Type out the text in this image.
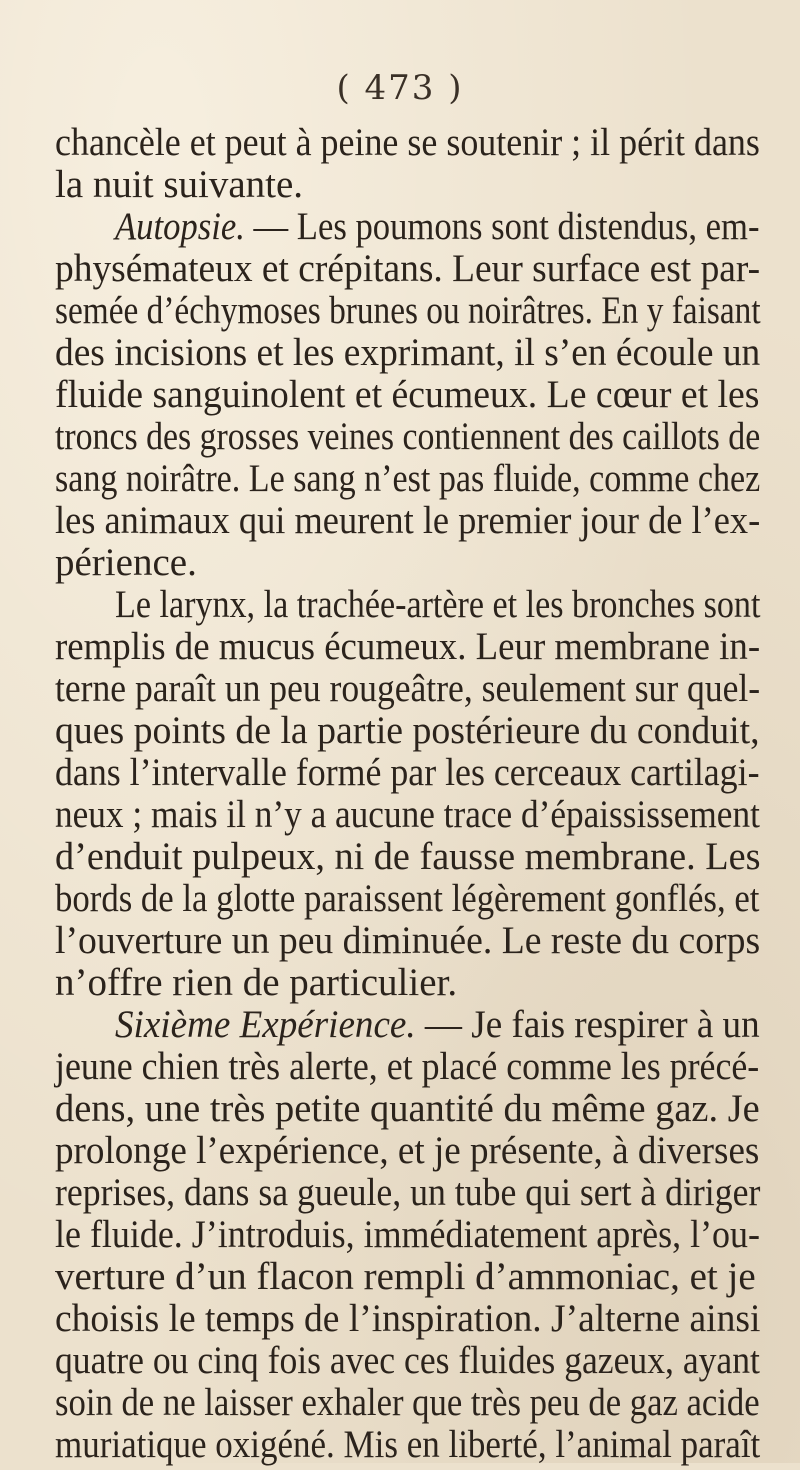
( 473 )
chancèle et peut à peine se soutenir ; il périt dans
la nuit suivante.
Autopsie. — Les poumons sont distendus, em-
physémateux et crépitans. Leur surface est par-
semée d’échymoses brunes ou noirâtres. En y faisant
des incisions et les exprimant, il s’en écoule un
fluide sanguinolent et écumeux. Le cœur et les
troncs des grosses veines contiennent des caillots de
sang noirâtre. Le sang n’est pas fluide, comme chez
les animaux qui meurent le premier jour de l’ex-
périence.
Le larynx, la trachée-artère et les bronches sont
remplis de mucus écumeux. Leur membrane in-
terne paraît un peu rougeâtre, seulement sur quel-
ques points de la partie postérieure du conduit,
dans l’intervalle formé par les cerceaux cartilagi-
neux ; mais il n’y a aucune trace d’épaississement
d’enduit pulpeux, ni de fausse membrane. Les
bords de la glotte paraissent légèrement gonflés, et
l’ouverture un peu diminuée. Le reste du corps
n’offre rien de particulier.
Sixième Expérience. — Je fais respirer à un
jeune chien très alerte, et placé comme les précé-
dens, une très petite quantité du même gaz. Je
prolonge l’expérience, et je présente, à diverses
reprises, dans sa gueule, un tube qui sert à diriger
le fluide. J’introduis, immédiatement après, l’ou-
verture d’un flacon rempli d’ammoniac, et je
choisis le temps de l’inspiration. J’alterne ainsi
quatre ou cinq fois avec ces fluides gazeux, ayant
soin de ne laisser exhaler que très peu de gaz acide
muriatique oxigéné. Mis en liberté, l’animal paraît
